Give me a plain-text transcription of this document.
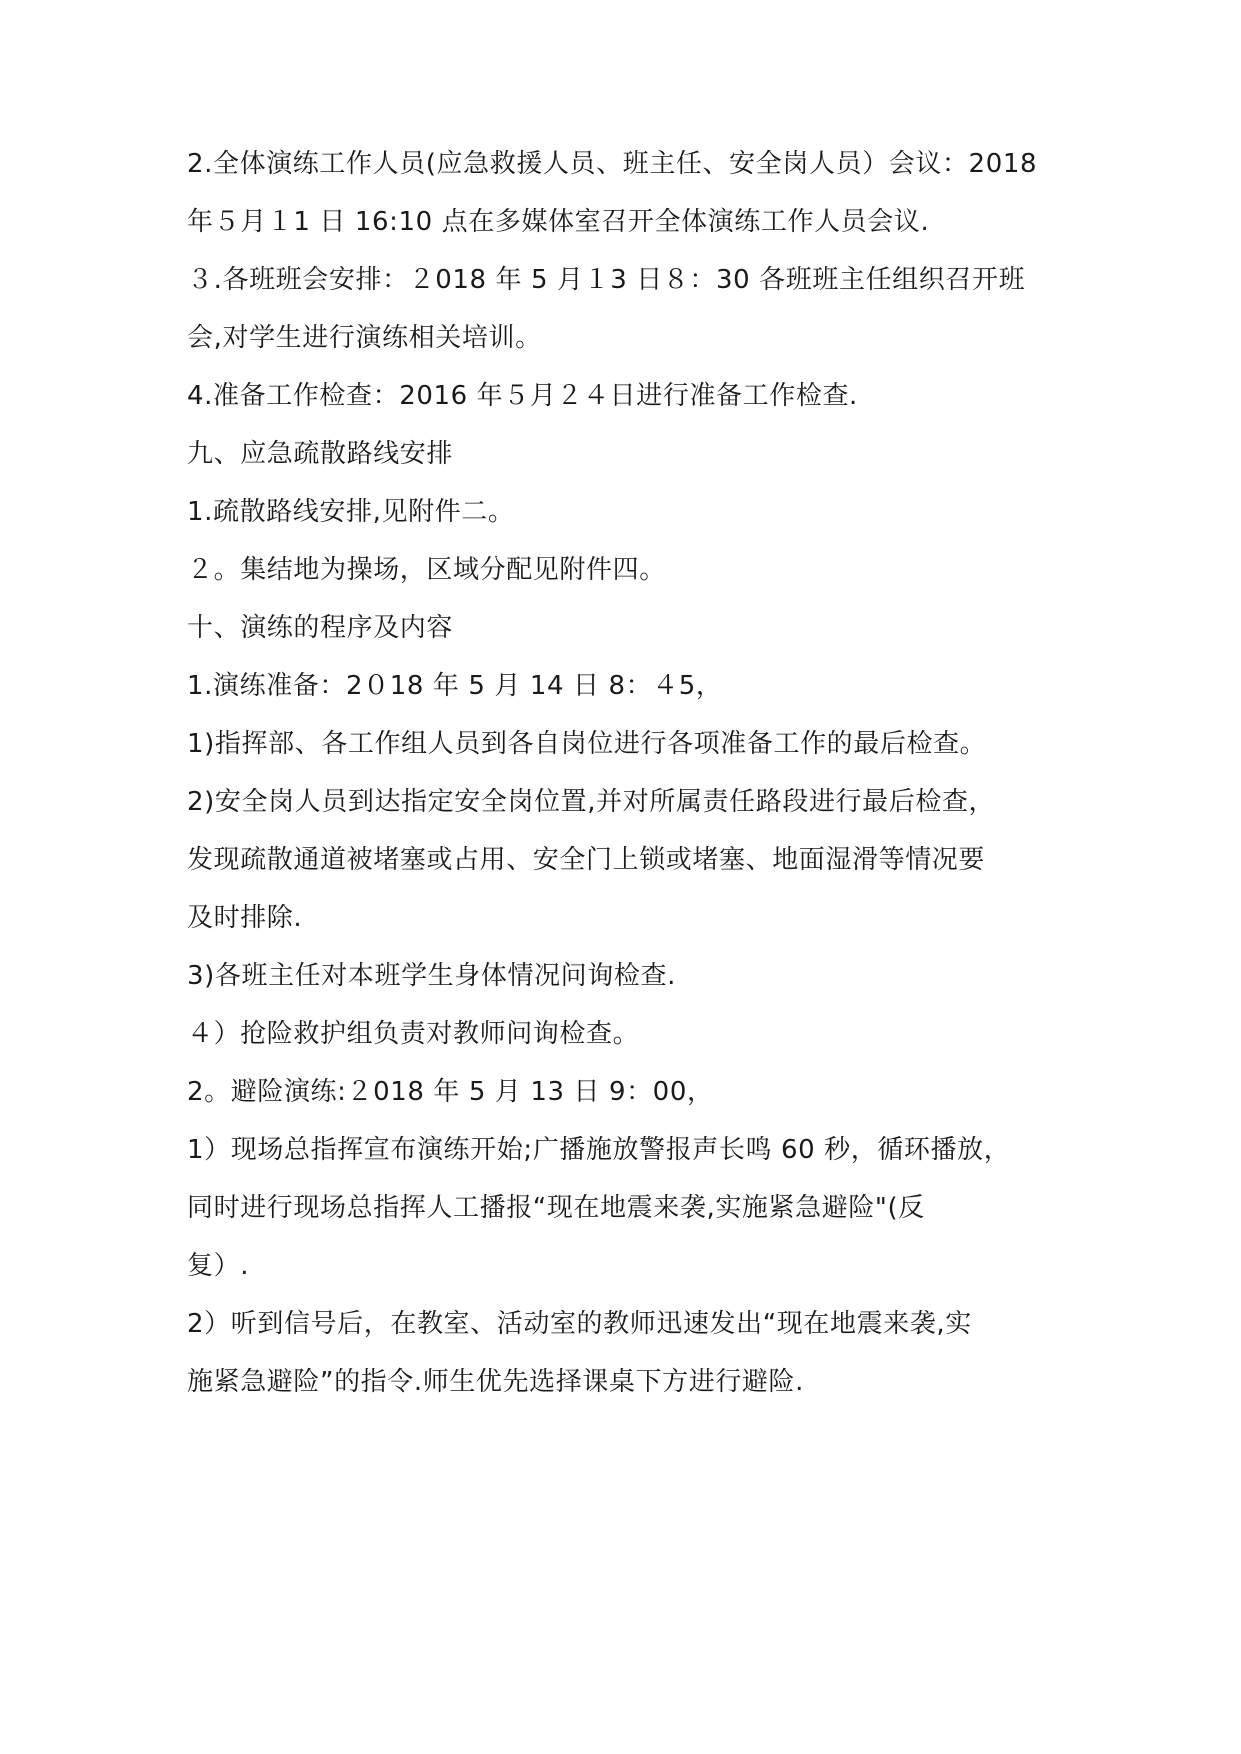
2.全体演练工作人员(应急救援人员、班主任、安全岗人员）会议：2018
年５月１1 日 16:10 点在多媒体室召开全体演练工作人员会议.
３.各班班会安排：２018 年 5 月１3 日８：30 各班班主任组织召开班
会,对学生进行演练相关培训。
4.准备工作检查：2016 年５月２４日进行准备工作检查.
九、应急疏散路线安排
1.疏散路线安排,见附件二。
２。集结地为操场，区域分配见附件四。
十、演练的程序及内容
1.演练准备：2０18 年 5 月 14 日 8：４5，
1)指挥部、各工作组人员到各自岗位进行各项准备工作的最后检查。
2)安全岗人员到达指定安全岗位置,并对所属责任路段进行最后检查，
发现疏散通道被堵塞或占用、安全门上锁或堵塞、地面湿滑等情况要
及时排除.
3)各班主任对本班学生身体情况问询检查.
４）抢险救护组负责对教师问询检查。
2。避险演练:２018 年 5 月 13 日 9：00，
1）现场总指挥宣布演练开始;广播施放警报声长鸣 60 秒，循环播放，
同时进行现场总指挥人工播报“现在地震来袭,实施紧急避险"(反
复）.
2）听到信号后，在教室、活动室的教师迅速发出“现在地震来袭,实
施紧急避险”的指令.师生优先选择课桌下方进行避险.
